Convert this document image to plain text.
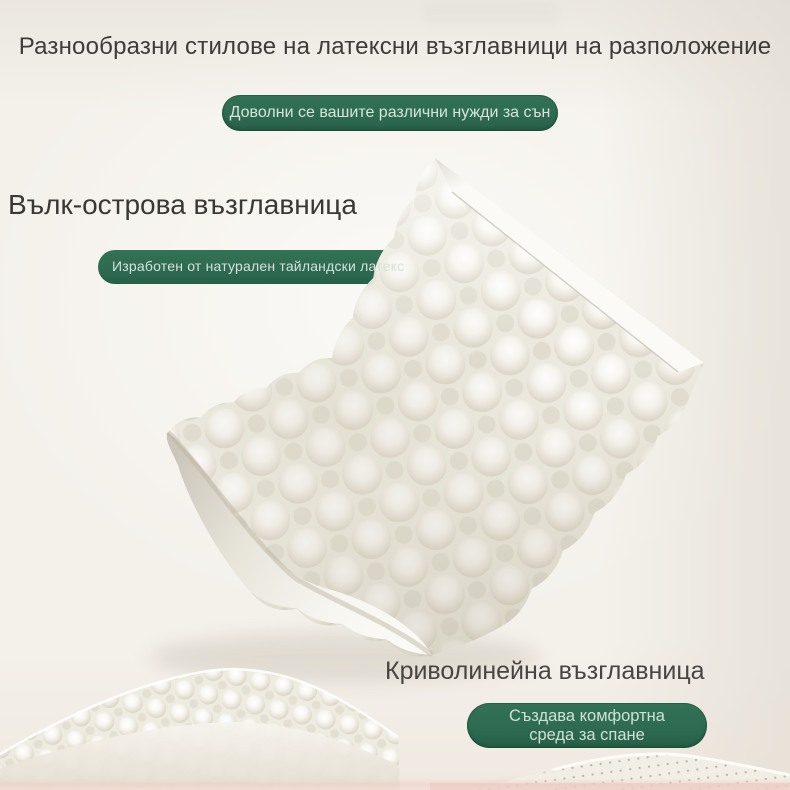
Разнообразни стилове на латексни възглавници на разположение
Доволни се вашите различни нужди за сън
Вълк-острова възглавница
Изработен от натурален тайландски латекс
Криволинейна възглавница
Създава комфортна
среда за спане
